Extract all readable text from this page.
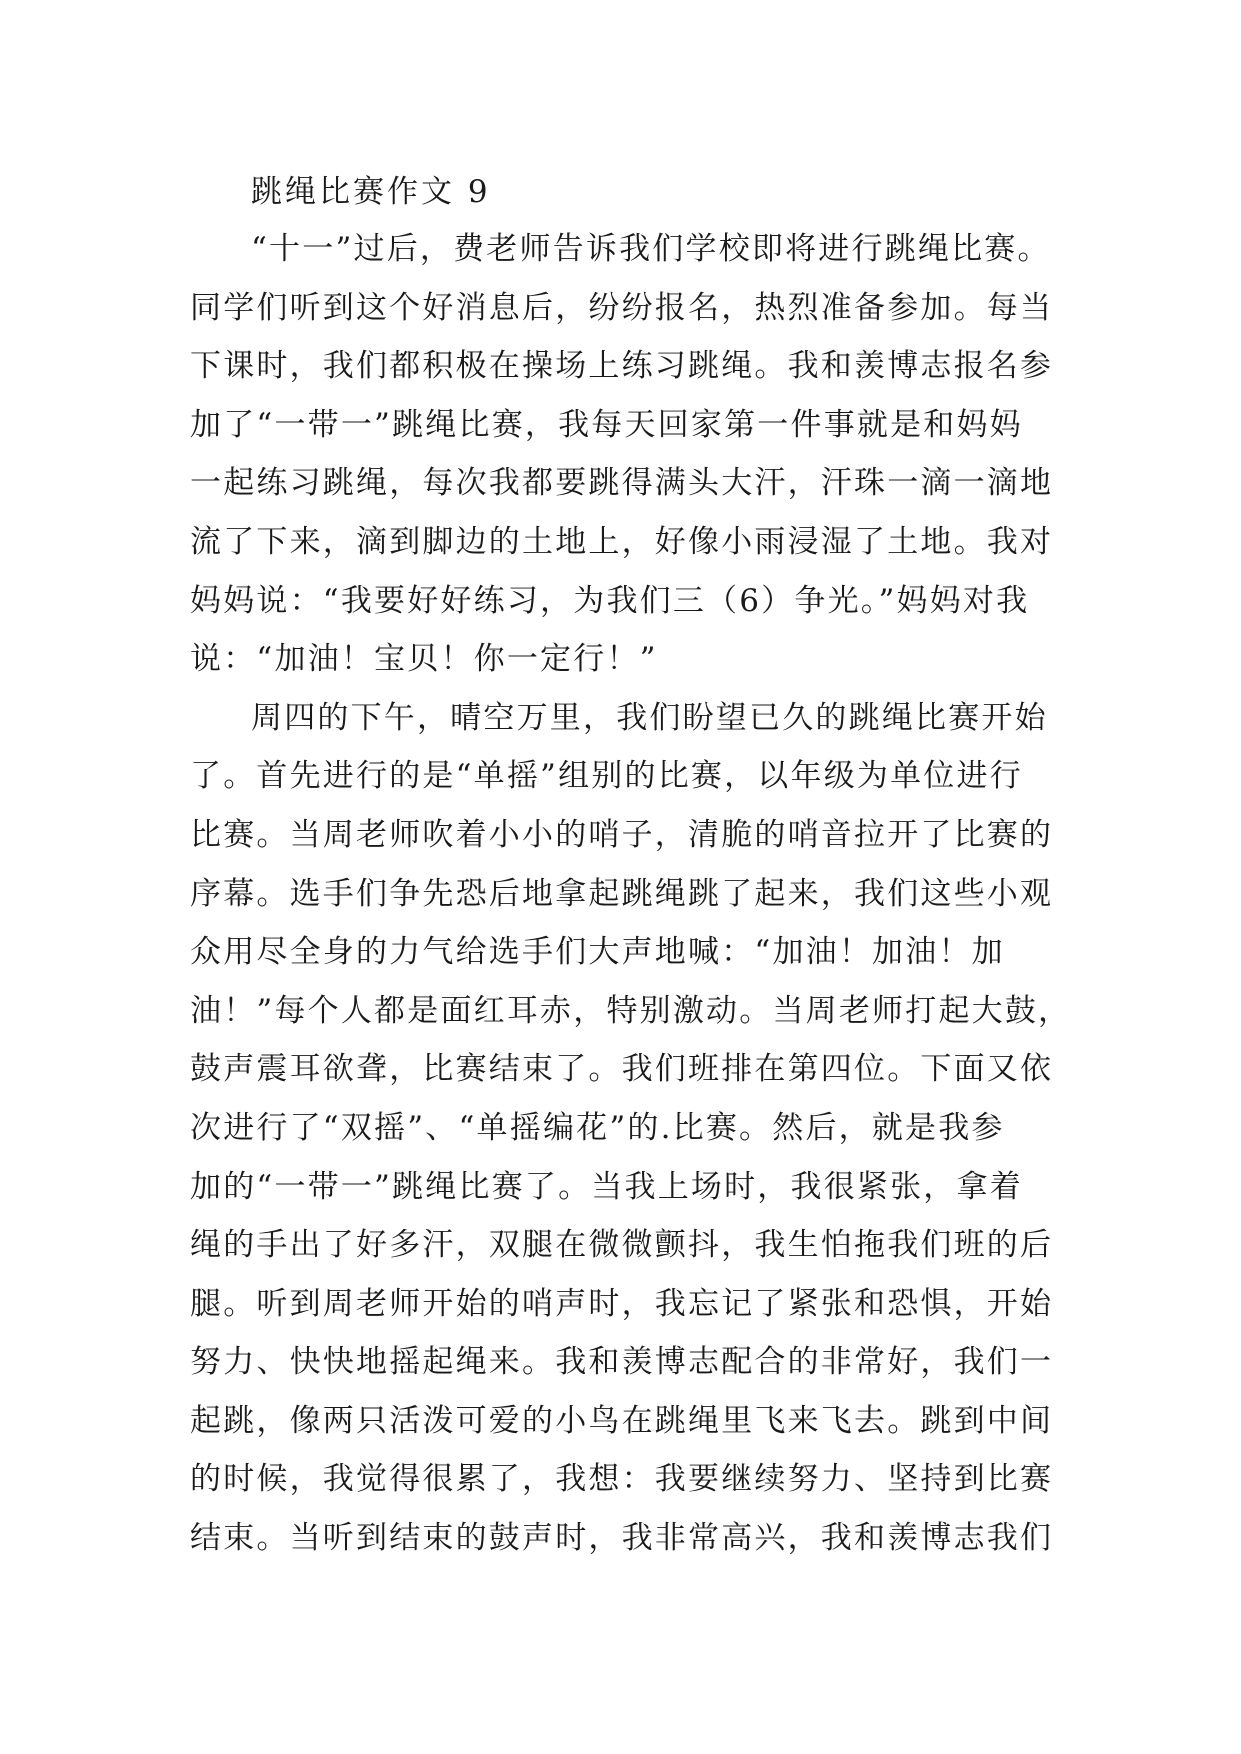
跳绳比赛作文 9
“十一”过后，费老师告诉我们学校即将进行跳绳比赛。
同学们听到这个好消息后，纷纷报名，热烈准备参加。每当
下课时，我们都积极在操场上练习跳绳。我和羡博志报名参
加了“一带一”跳绳比赛，我每天回家第一件事就是和妈妈
一起练习跳绳，每次我都要跳得满头大汗，汗珠一滴一滴地
流了下来，滴到脚边的土地上，好像小雨浸湿了土地。我对
妈妈说：“我要好好练习，为我们三（6）争光。”妈妈对我
说：“加油！宝贝！你一定行！”
周四的下午，晴空万里，我们盼望已久的跳绳比赛开始
了。首先进行的是“单摇”组别的比赛，以年级为单位进行
比赛。当周老师吹着小小的哨子，清脆的哨音拉开了比赛的
序幕。选手们争先恐后地拿起跳绳跳了起来，我们这些小观
众用尽全身的力气给选手们大声地喊：“加油！加油！加
油！”每个人都是面红耳赤，特别激动。当周老师打起大鼓，
鼓声震耳欲聋，比赛结束了。我们班排在第四位。下面又依
次进行了“双摇”、“单摇编花”的.比赛。然后，就是我参
加的“一带一”跳绳比赛了。当我上场时，我很紧张，拿着
绳的手出了好多汗，双腿在微微颤抖，我生怕拖我们班的后
腿。听到周老师开始的哨声时，我忘记了紧张和恐惧，开始
努力、快快地摇起绳来。我和羡博志配合的非常好，我们一
起跳，像两只活泼可爱的小鸟在跳绳里飞来飞去。跳到中间
的时候，我觉得很累了，我想：我要继续努力、坚持到比赛
结束。当听到结束的鼓声时，我非常高兴，我和羡博志我们
